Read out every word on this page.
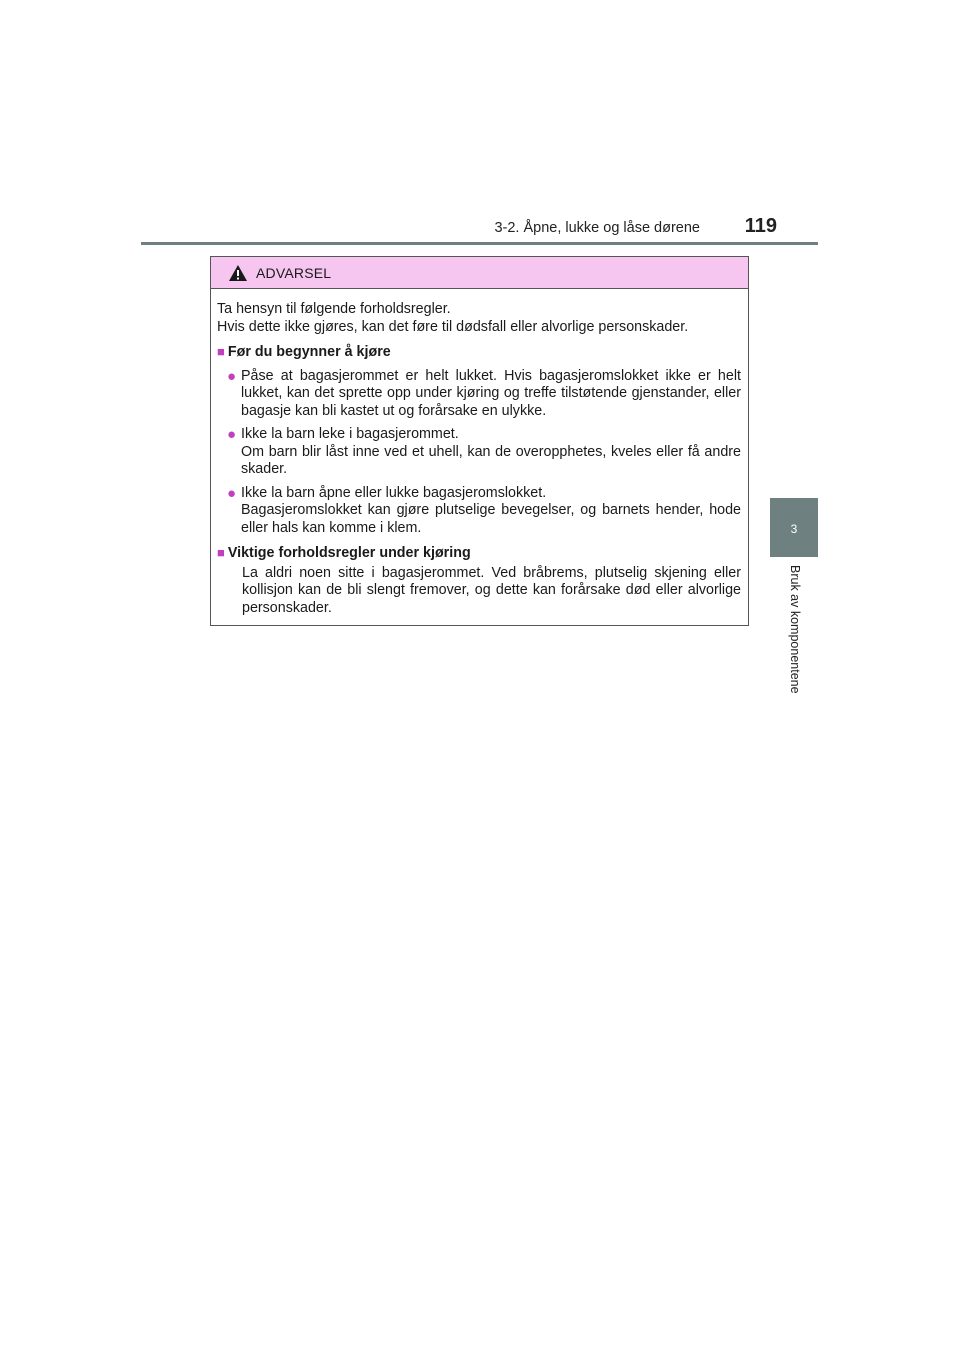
3-2. Åpne, lukke og låse dørene	119
3
Bruk av komponentene
ADVARSEL

Ta hensyn til følgende forholdsregler.

Hvis dette ikke gjøres, kan det føre til dødsfall eller alvorlige personskader.

■ Før du begynner å kjøre
● Påse at bagasjerommet er helt lukket. Hvis bagasjeromslokket ikke er helt lukket, kan det sprette opp under kjøring og treffe tilstøtende gjenstander, eller bagasje kan bli kastet ut og forårsake en ulykke.

● Ikke la barn leke i bagasjerommet.

Om barn blir låst inne ved et uhell, kan de overopphetes, kveles eller få andre skader.

● Ikke la barn åpne eller lukke bagasjeromslokket.

Bagasjeromslokket kan gjøre plutselige bevegelser, og barnets hender, hode eller hals kan komme i klem.

■ Viktige forholdsregler under kjøring
La aldri noen sitte i bagasjerommet. Ved bråbrems, plutselig skjening eller kollisjon kan de bli slengt fremover, og dette kan forårsake død eller alvorlige personskader.
